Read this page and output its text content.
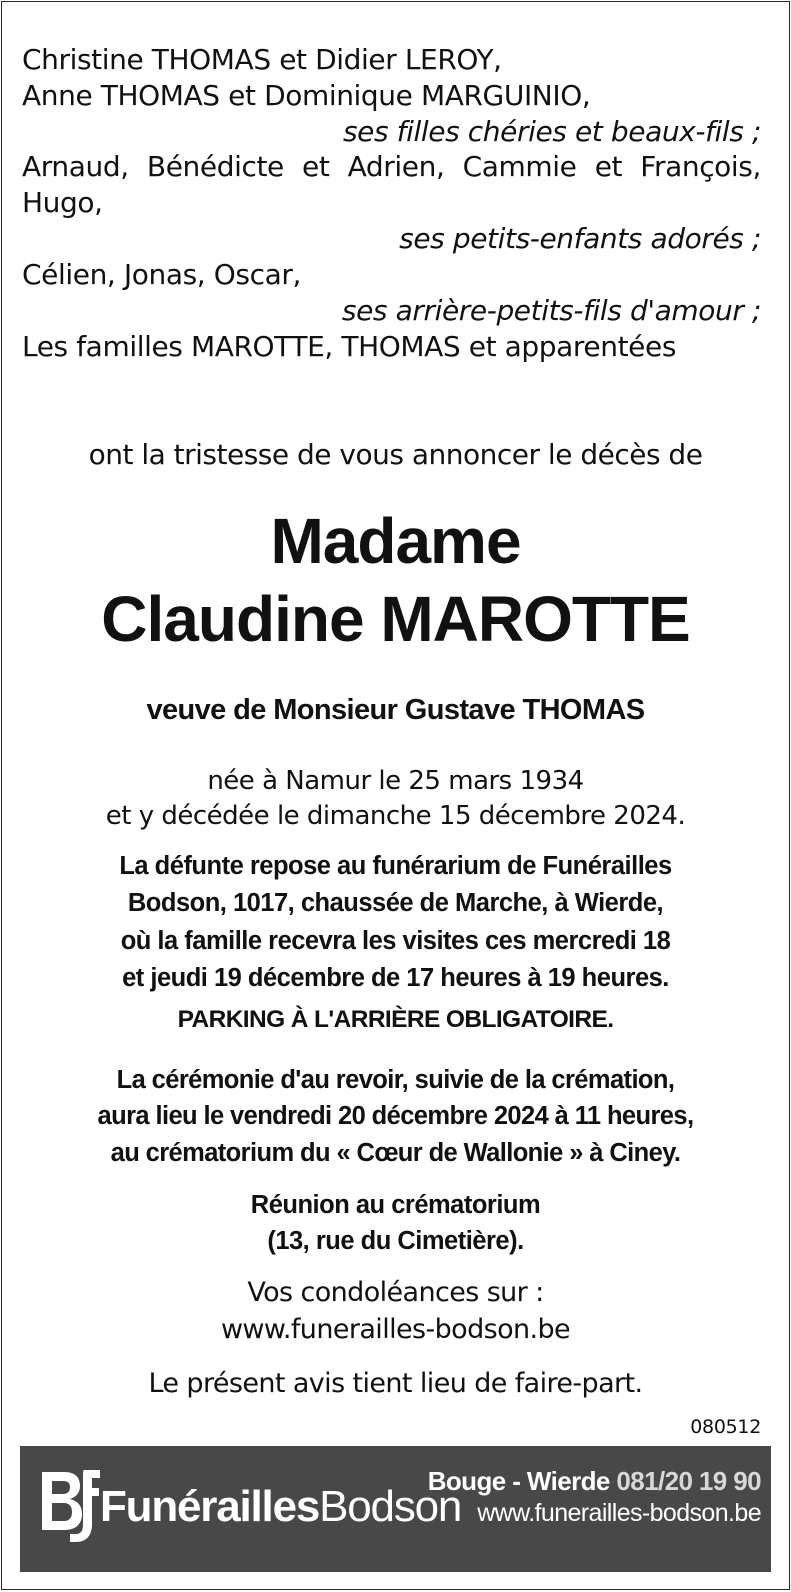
Christine THOMAS et Didier LEROY,
Anne THOMAS et Dominique MARGUINIO,
ses filles chéries et beaux-fils ;
Arnaud, Bénédicte et Adrien, Cammie et François, Hugo,
ses petits-enfants adorés ;
Célien, Jonas, Oscar,
ses arrière-petits-fils d'amour ;
Les familles MAROTTE, THOMAS et apparentées
ont la tristesse de vous annoncer le décès de
Madame
Claudine MAROTTE
veuve de Monsieur Gustave THOMAS
née à Namur le 25 mars 1934
et y décédée le dimanche 15 décembre 2024.
La défunte repose au funérarium de Funérailles
Bodson, 1017, chaussée de Marche, à Wierde,
où la famille recevra les visites ces mercredi 18
et jeudi 19 décembre de 17 heures à 19 heures.
PARKING À L'ARRIÈRE OBLIGATOIRE.
La cérémonie d'au revoir, suivie de la crémation,
aura lieu le vendredi 20 décembre 2024 à 11 heures,
au crématorium du « Cœur de Wallonie » à Ciney.
Réunion au crématorium
(13, rue du Cimetière).
Vos condoléances sur :
www.funerailles-bodson.be
Le présent avis tient lieu de faire-part.
080512
FunéraillesBodson
Bouge - Wierde 081/20 19 90
www.funerailles-bodson.be
